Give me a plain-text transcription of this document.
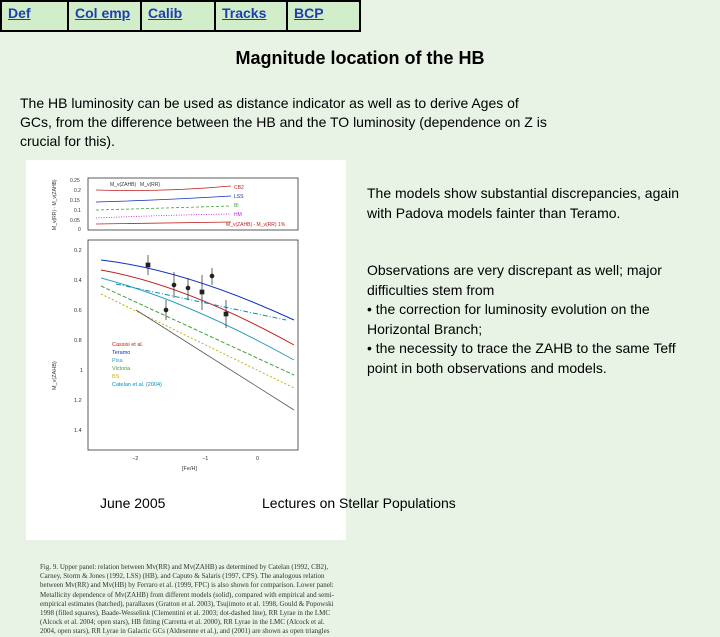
Def	Col emp	Calib	Tracks	BCP
Magnitude location of the HB
The HB luminosity can be used as distance indicator as well as to derive Ages of GCs, from the difference between the HB and the TO luminosity (dependence on Z is crucial for this).
The models show substantial discrepancies, again with Padova models fainter than Teramo.
Observations are very discrepant as well; major difficulties stem from
• the correction for luminosity evolution on the  Horizontal Branch;
• the necessity to trace the ZAHB to the same Teff point in both observations and models.
0.25
0.2
0.15
0.1
0.05
0
M_v(RR) - M_v(ZAHB)	M_v(ZAHB) M_v(RR)	CB2
LSS
Bl
HM
M_v(ZAHB) - M_v(RR) 1%
0.2
0.4
0.6
0.8
1
1.2
1.4
M_v(ZAHB)
−2	−1	0
[Fe/H]
Cassisi et al.
Teramo
Pisa
Victoria
BS
Catelan et al. (2004)
Fig. 9. Upper panel: relation between Mv(RR) and Mv(ZAHB) as determined by Catelan (1992, CB2), Carney, Storm & Jones (1992, LSS) (HB), and Caputo & Salaris (1997, CPS). The analogous relation between Mv(RR) and Mv(HB) by Ferraro et al. (1999, FPC) is also shown for comparison. Lower panel: Metallicity dependence of Mv(ZAHB) from different models (solid), compared with empirical and semi-empirical estimates (hatched), parallaxes (Gratton et al. 2003), Tsujimoto et al. 1998, Gould & Popowski 1998 (filled squares), Baade-Wesselink (Clementini et al. 2003; dot-dashed line), RR Lyrae in the LMC (Alcock et al. 2004; open stars), HB fitting (Carretta et al. 2000), RR Lyrae in the LMC (Alcock et al. 2004, open stars), RR Lyrae in Galactic GCs (Aldesenne et al.), and (2001) are shown as open triangles
June 2005	Lectures on Stellar Populations
